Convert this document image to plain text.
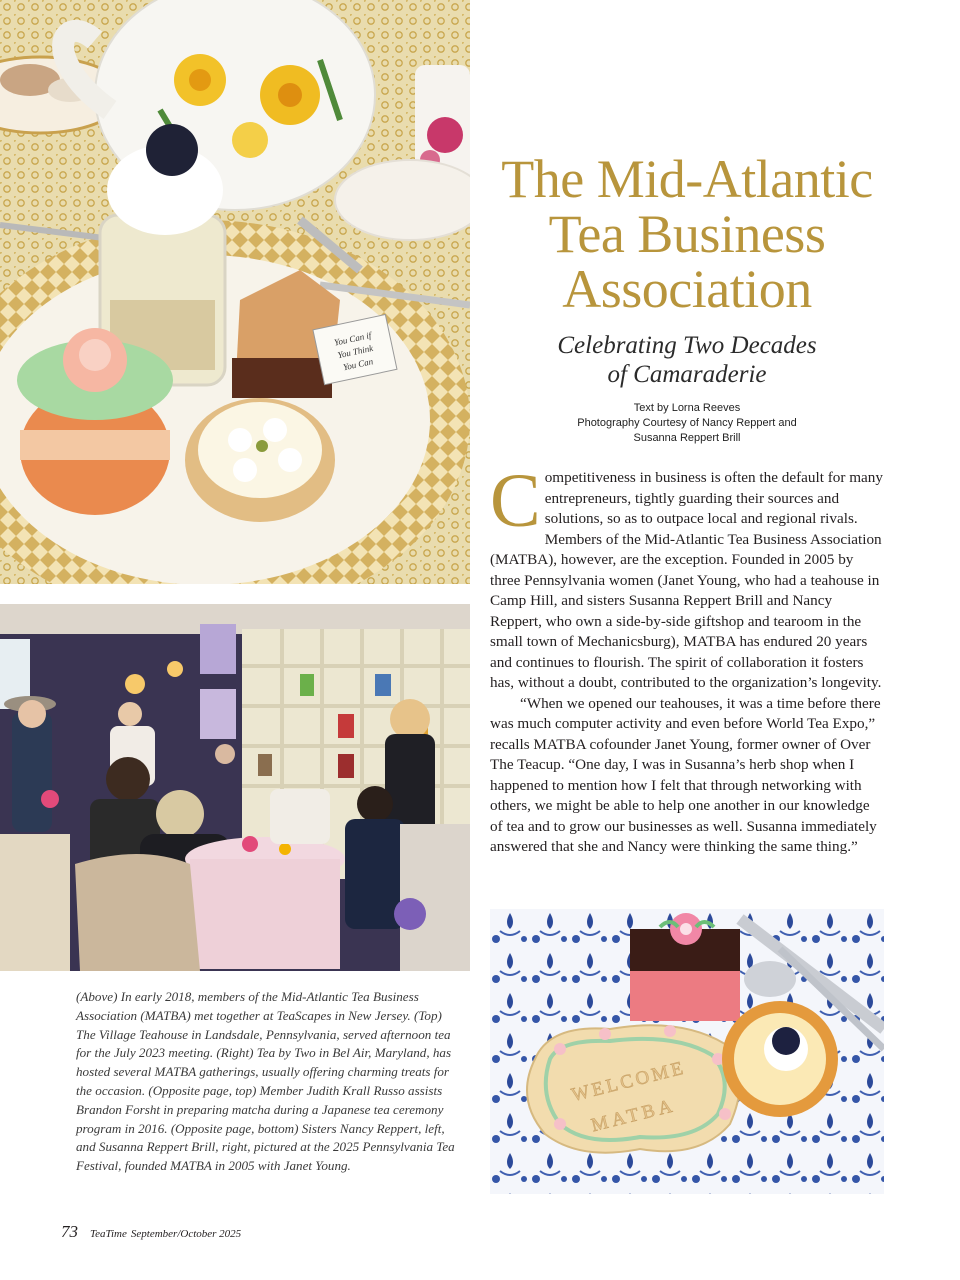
You Can if
You Think
You Can
WELCOME
MATBA
The Mid-Atlantic
Tea Business
Association
Celebrating Two Decades
of Camaraderie
Text by Lorna Reeves
Photography Courtesy of Nancy Reppert and
Susanna Reppert Brill

Competitiveness in business is often the default for many entrepreneurs, tightly guarding their sources and solutions, so as to outpace local and regional rivals. Members of the Mid-Atlantic Tea Business Association (MATBA), however, are the exception. Founded in 2005 by three Pennsylvania women (Janet Young, who had a teahouse in Camp Hill, and sisters Susanna Reppert Brill and Nancy Reppert, who own a side-by-side giftshop and tearoom in the small town of Mechanicsburg), MATBA has endured 20 years and continues to flourish. The spirit of collaboration it fosters has, without a doubt, contributed to the organization’s longevity.

“When we opened our teahouses, it was a time before there was much computer activity and even before World Tea Expo,” recalls MATBA cofounder Janet Young, former owner of Over The Teacup. “One day, I was in Susanna’s herb shop when I happened to mention how I felt that through networking with others, we might be able to help one another in our knowledge of tea and to grow our businesses as well. Susanna immediately answered that she and Nancy were thinking the same thing.”

(Above) In early 2018, members of the Mid-Atlantic Tea Business Association (MATBA) met together at TeaScapes in New Jersey. (Top) The Village Teahouse in Landsdale, Pennsylvania, served afternoon tea for the July 2023 meeting. (Right) Tea by Two in Bel Air, Maryland, has hosted several MATBA gatherings, usually offering charming treats for the occasion. (Opposite page, top) Member Judith Krall Russo assists Brandon Forsht in preparing matcha during a Japanese tea ceremony program in 2016. (Opposite page, bottom) Sisters Nancy Reppert, left, and Susanna Reppert Brill, right, pictured at the 2025 Pennsylvania Tea Festival, founded MATBA in 2005 with Janet Young.
73 TeaTime September/October 2025
